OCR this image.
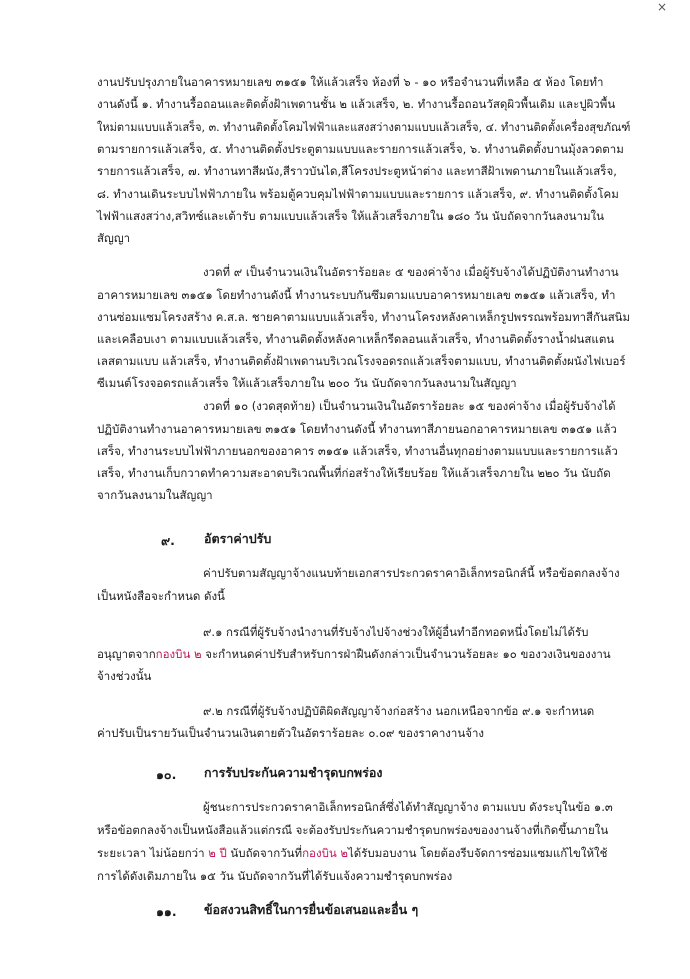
×
งานปรับปรุงภายในอาคารหมายเลข ๓๑๕๑ ให้แล้วเสร็จ ห้องที่ ๖ - ๑๐ หรือจำนวนที่เหลือ ๕ ห้อง โดยทำ
งานดังนี้ ๑. ทำงานรื้อถอนและติดตั้งฝ้าเพดานชั้น ๒ แล้วเสร็จ, ๒. ทำงานรื้อถอนวัสดุผิวพื้นเดิม และปูผิวพื้น
ใหม่ตามแบบแล้วเสร็จ, ๓. ทำงานติดตั้งโคมไฟฟ้าและแสงสว่างตามแบบแล้วเสร็จ, ๔. ทำงานติดตั้งเครื่องสุขภัณฑ์
ตามรายการแล้วเสร็จ, ๕. ทำงานติดตั้งประตูตามแบบและรายการแล้วเสร็จ, ๖. ทำงานติดตั้งบานมุ้งลวดตาม
รายการแล้วเสร็จ, ๗. ทำงานทาสีผนัง,สีราวบันได,สีโครงประตูหน้าต่าง และทาสีฝ้าเพดานภายในแล้วเสร็จ,
๘. ทำงานเดินระบบไฟฟ้าภายใน พร้อมตู้ควบคุมไฟฟ้าตามแบบและรายการ แล้วเสร็จ, ๙. ทำงานติดตั้งโคม
ไฟฟ้าแสงสว่าง,สวิทซ์และเต้ารับ ตามแบบแล้วเสร็จ ให้แล้วเสร็จภายใน ๑๘๐ วัน นับถัดจากวันลงนามใน
สัญญา
งวดที่ ๙ เป็นจำนวนเงินในอัตราร้อยละ ๕ ของค่าจ้าง เมื่อผู้รับจ้างได้ปฏิบัติงานทำงาน
อาคารหมายเลข ๓๑๕๑ โดยทำงานดังนี้ ทำงานระบบกันซึมตามแบบอาคารหมายเลข ๓๑๕๑ แล้วเสร็จ, ทำ
งานซ่อมแซมโครงสร้าง ค.ส.ล. ชายคาตามแบบแล้วเสร็จ, ทำงานโครงหลังคาเหล็กรูปพรรณพร้อมทาสีกันสนิม
และเคลือบเงา ตามแบบแล้วเสร็จ, ทำงานติดตั้งหลังคาเหล็กรีดลอนแล้วเสร็จ, ทำงานติดตั้งรางน้ำฝนสแตน
เลสตามแบบ แล้วเสร็จ, ทำงานติดตั้งฝ้าเพดานบริเวณโรงจอดรถแล้วเสร็จตามแบบ, ทำงานติดตั้งผนังไฟเบอร์
ซีเมนต์โรงจอดรถแล้วเสร็จ ให้แล้วเสร็จภายใน ๒๐๐ วัน นับถัดจากวันลงนามในสัญญา
งวดที่ ๑๐ (งวดสุดท้าย) เป็นจำนวนเงินในอัตราร้อยละ ๑๕ ของค่าจ้าง เมื่อผู้รับจ้างได้
ปฏิบัติงานทำงานอาคารหมายเลข ๓๑๕๑ โดยทำงานดังนี้ ทำงานทาสีภายนอกอาคารหมายเลข ๓๑๕๑ แล้ว
เสร็จ, ทำงานระบบไฟฟ้าภายนอกของอาคาร ๓๑๕๑ แล้วเสร็จ, ทำงานอื่นทุกอย่างตามแบบและรายการแล้ว
เสร็จ, ทำงานเก็บกวาดทำความสะอาดบริเวณพื้นที่ก่อสร้างให้เรียบร้อย ให้แล้วเสร็จภายใน ๒๒๐ วัน นับถัด
จากวันลงนามในสัญญา
๙. อัตราค่าปรับ
ค่าปรับตามสัญญาจ้างแนบท้ายเอกสารประกวดราคาอิเล็กทรอนิกส์นี้ หรือข้อตกลงจ้าง
เป็นหนังสือจะกำหนด ดังนี้
๙.๑ กรณีที่ผู้รับจ้างนำงานที่รับจ้างไปจ้างช่วงให้ผู้อื่นทำอีกทอดหนึ่งโดยไม่ได้รับ
อนุญาตจากกองบิน ๒ จะกำหนดค่าปรับสำหรับการฝ่าฝืนดังกล่าวเป็นจำนวนร้อยละ ๑๐ ของวงเงินของงาน
จ้างช่วงนั้น
๙.๒ กรณีที่ผู้รับจ้างปฏิบัติผิดสัญญาจ้างก่อสร้าง นอกเหนือจากข้อ ๙.๑ จะกำหนด
ค่าปรับเป็นรายวันเป็นจำนวนเงินตายตัวในอัตราร้อยละ ๐.๐๙ ของราคางานจ้าง
๑๐. การรับประกันความชำรุดบกพร่อง
ผู้ชนะการประกวดราคาอิเล็กทรอนิกส์ซึ่งได้ทำสัญญาจ้าง ตามแบบ ดังระบุในข้อ ๑.๓
หรือข้อตกลงจ้างเป็นหนังสือแล้วแต่กรณี จะต้องรับประกันความชำรุดบกพร่องของงานจ้างที่เกิดขึ้นภายใน
ระยะเวลา ไม่น้อยกว่า ๒ ปี นับถัดจากวันที่กองบิน ๒ได้รับมอบงาน โดยต้องรีบจัดการซ่อมแซมแก้ไขให้ใช้
การได้ดังเดิมภายใน ๑๕ วัน นับถัดจากวันที่ได้รับแจ้งความชำรุดบกพร่อง
๑๑. ข้อสงวนสิทธิ์ในการยื่นข้อเสนอและอื่น ๆ
